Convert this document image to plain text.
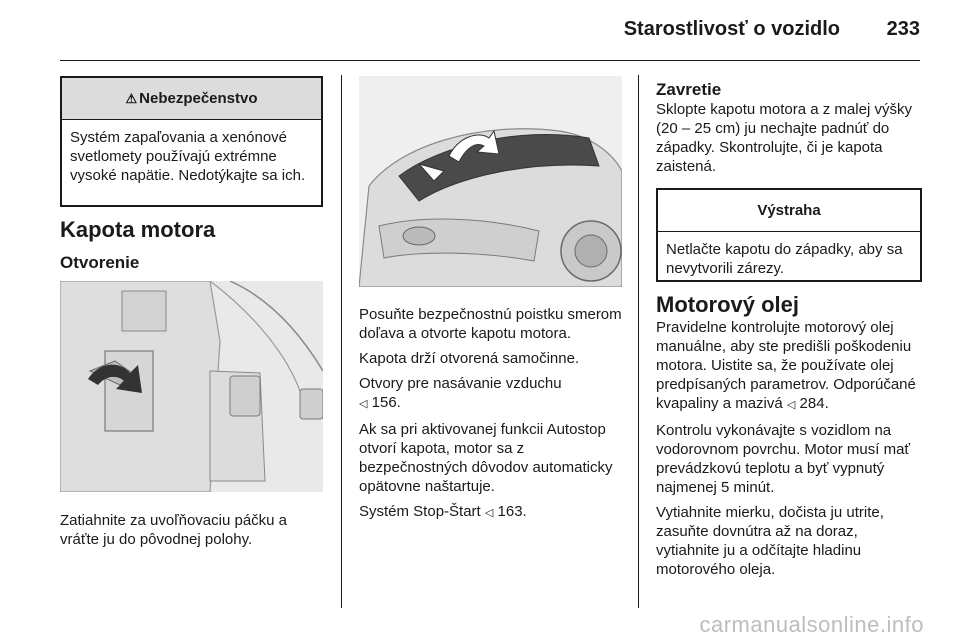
Starostlivosť o vozidlo	233
⚠ Nebezpečenstvo
Systém zapaľovania a xenónové svetlomety používajú extrémne vysoké napätie. Nedotýkajte sa ich.
Kapota motora
Otvorenie

Zatiahnite za uvoľňovaciu páčku a vráťte ju do pôvodnej polohy.

Posuňte bezpečnostnú poistku smerom doľava a otvorte kapotu motora.

Kapota drží otvorená samočinne.

Otvory pre nasávanie vzduchu
◁ 156.

Ak sa pri aktivovanej funkcii Autostop otvorí kapota, motor sa z bezpečnostných dôvodov automaticky opätovne naštartuje.

Systém Stop-Štart ◁ 163.

Zavretie

Sklopte kapotu motora a z malej výšky (20 – 25 cm) ju nechajte padnúť do západky. Skontrolujte, či je kapota zaistená.

Výstraha
Netlačte kapotu do západky, aby sa nevytvorili zárezy.
Motorový olej

Pravidelne kontrolujte motorový olej manuálne, aby ste predišli poškodeniu motora. Uistite sa, že používate olej predpísaných parametrov. Odporúčané kvapaliny a mazivá ◁ 284.

Kontrolu vykonávajte s vozidlom na vodorovnom povrchu. Motor musí mať prevádzkovú teplotu a byť vypnutý najmenej 5 minút.

Vytiahnite mierku, dočista ju utrite, zasuňte dovnútra až na doraz, vytiahnite ju a odčítajte hladinu motorového oleja.

carmanualsonline.info
